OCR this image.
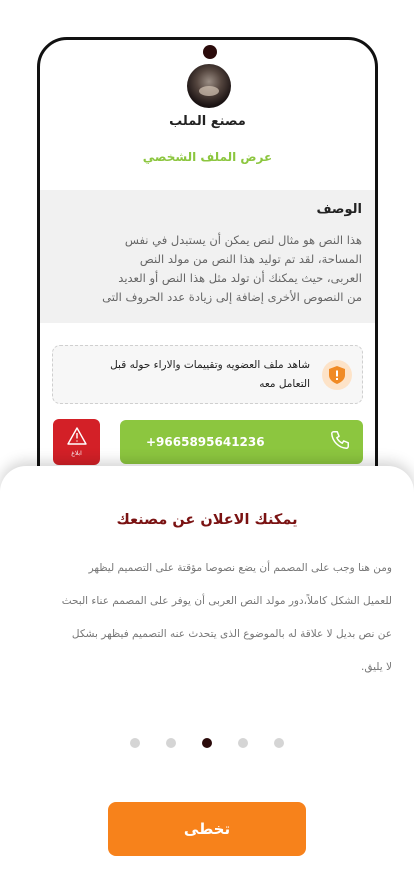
مصنع الملب
عرض الملف الشخصي
الوصف
هذا النص هو مثال لنص يمكن أن يستبدل في نفس
المساحة، لقد تم توليد هذا النص من مولد النص
العربى، حيث يمكنك أن تولد مثل هذا النص أو العديد
من النصوص الأخرى إضافة إلى زيادة عدد الحروف التى
شاهد ملف العضويه وتقييمات والاراء حوله قبل
التعامل معه
+9665895641236
ابلاغ
يمكنك الاعلان عن مصنعك
ومن هنا وجب على المصمم أن يضع نصوصا مؤقتة على التصميم ليظهر
للعميل الشكل كاملاً،دور مولد النص العربى أن يوفر على المصمم عناء البحث
عن نص بديل لا علاقة له بالموضوع الذى يتحدث عنه التصميم فيظهر بشكل
لا يليق.
تخطى
